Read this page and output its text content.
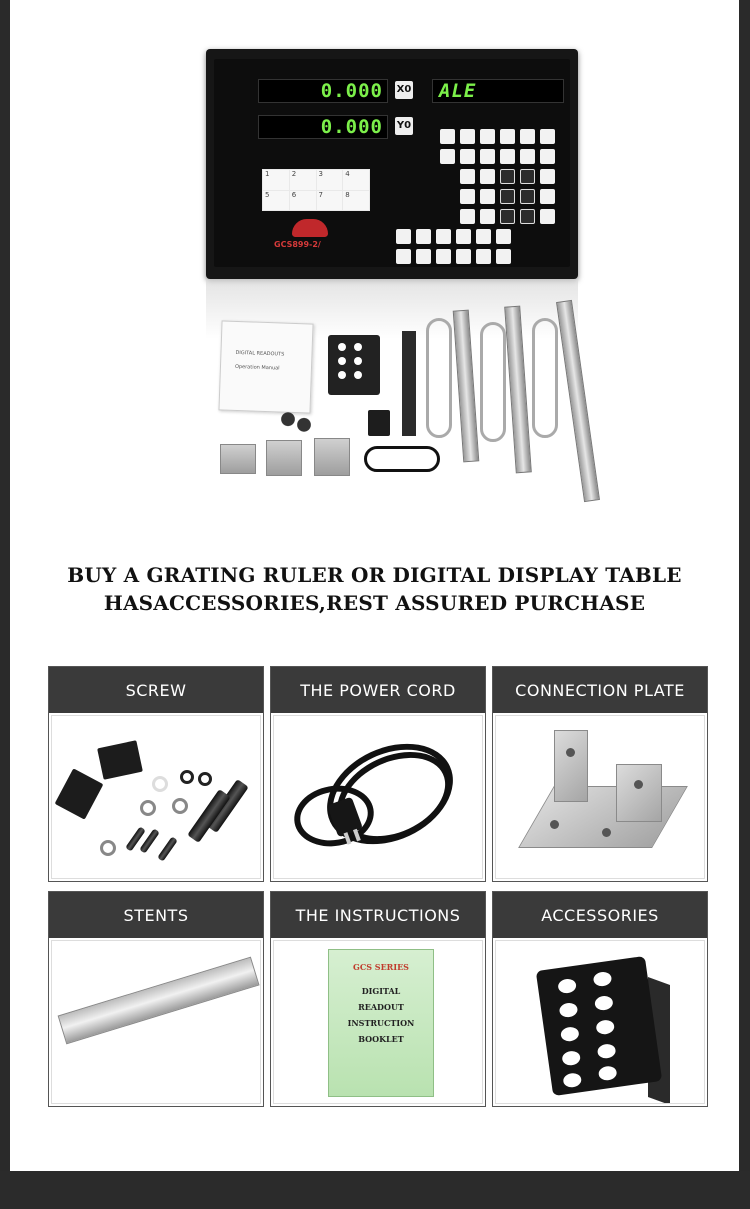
0.000	X0	ALE
0.000	Y0
1	2	3	4
5	6	7	8
GCS899-2/
DIGITAL READOUTS
Operation Manual
BUY A GRATING RULER OR DIGITAL DISPLAY TABLE
HASACCESSORIES,REST ASSURED PURCHASE
SCREW	THE POWER CORD	CONNECTION PLATE
STENTS	THE INSTRUCTIONS
GCS SERIES
DIGITAL
READOUT
INSTRUCTION
BOOKLET
ACCESSORIES
